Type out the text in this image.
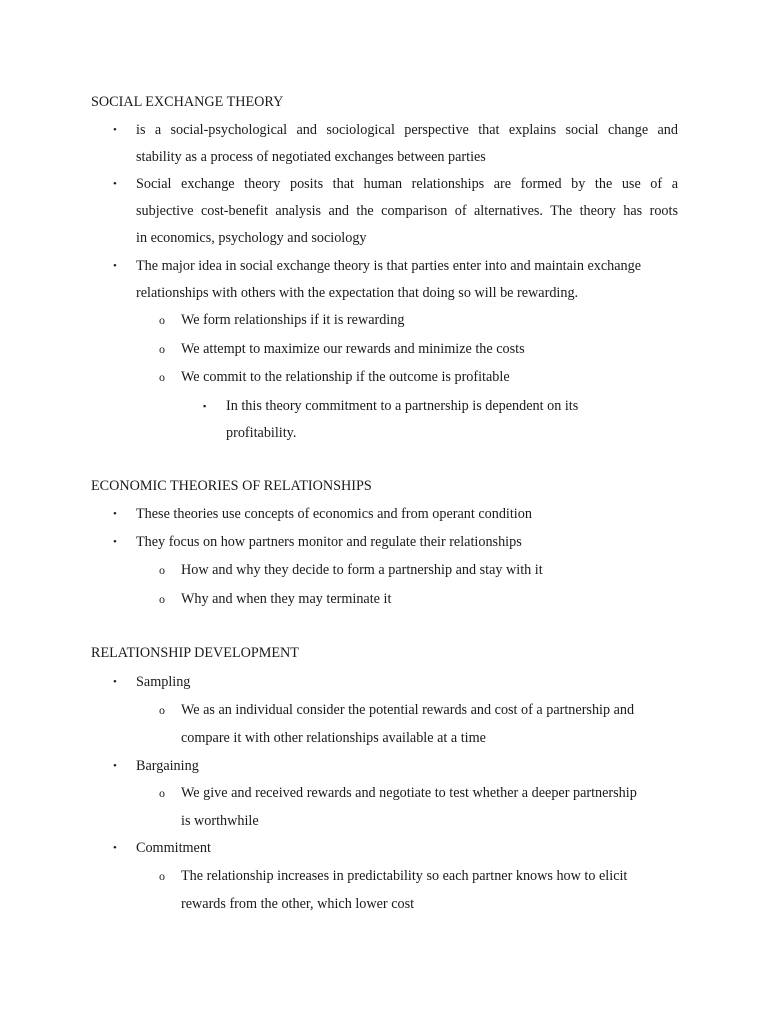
SOCIAL EXCHANGE THEORY
• is a social-psychological and sociological perspective that explains social change and
stability as a process of negotiated exchanges between parties
• Social exchange theory posits that human relationships are formed by the use of a
subjective cost-benefit analysis and the comparison of alternatives. The theory has roots
in economics, psychology and sociology
• The major idea in social exchange theory is that parties enter into and maintain exchange
relationships with others with the expectation that doing so will be rewarding.
o We form relationships if it is rewarding
o We attempt to maximize our rewards and minimize the costs
o We commit to the relationship if the outcome is profitable
▪ In this theory commitment to a partnership is dependent on its
profitability.
ECONOMIC THEORIES OF RELATIONSHIPS
• These theories use concepts of economics and from operant condition
• They focus on how partners monitor and regulate their relationships
o How and why they decide to form a partnership and stay with it
o Why and when they may terminate it
RELATIONSHIP DEVELOPMENT
• Sampling
o We as an individual consider the potential rewards and cost of a partnership and
compare it with other relationships available at a time
• Bargaining
o We give and received rewards and negotiate to test whether a deeper partnership
is worthwhile
• Commitment
o The relationship increases in predictability so each partner knows how to elicit
rewards from the other, which lower cost
